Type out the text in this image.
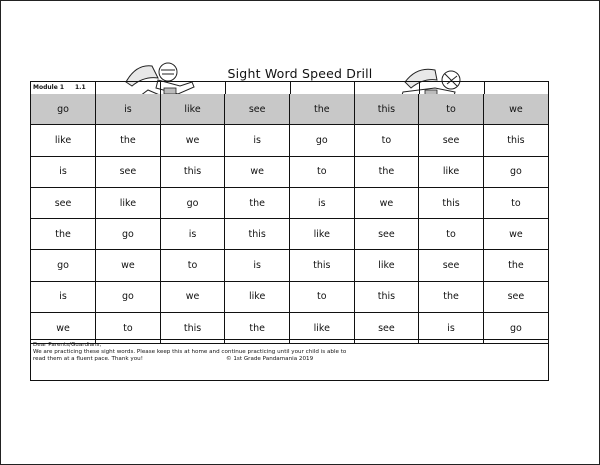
Sight Word Speed Drill
Module 1 1.1
go	is	like	see	the	this	to	we
like	the	we	is	go	to	see	this
is	see	this	we	to	the	like	go
see	like	go	the	is	we	this	to
the	go	is	this	like	see	to	we
go	we	to	is	this	like	see	the
is	go	we	like	to	this	the	see
we	to	this	the	like	see	is	go
Dear Parents/Guardians,
We are practicing these sight words. Please keep this at home and continue practicing until your child is able to
read them at a fluent pace. Thank you!	© 1st Grade Pandamania 2019
